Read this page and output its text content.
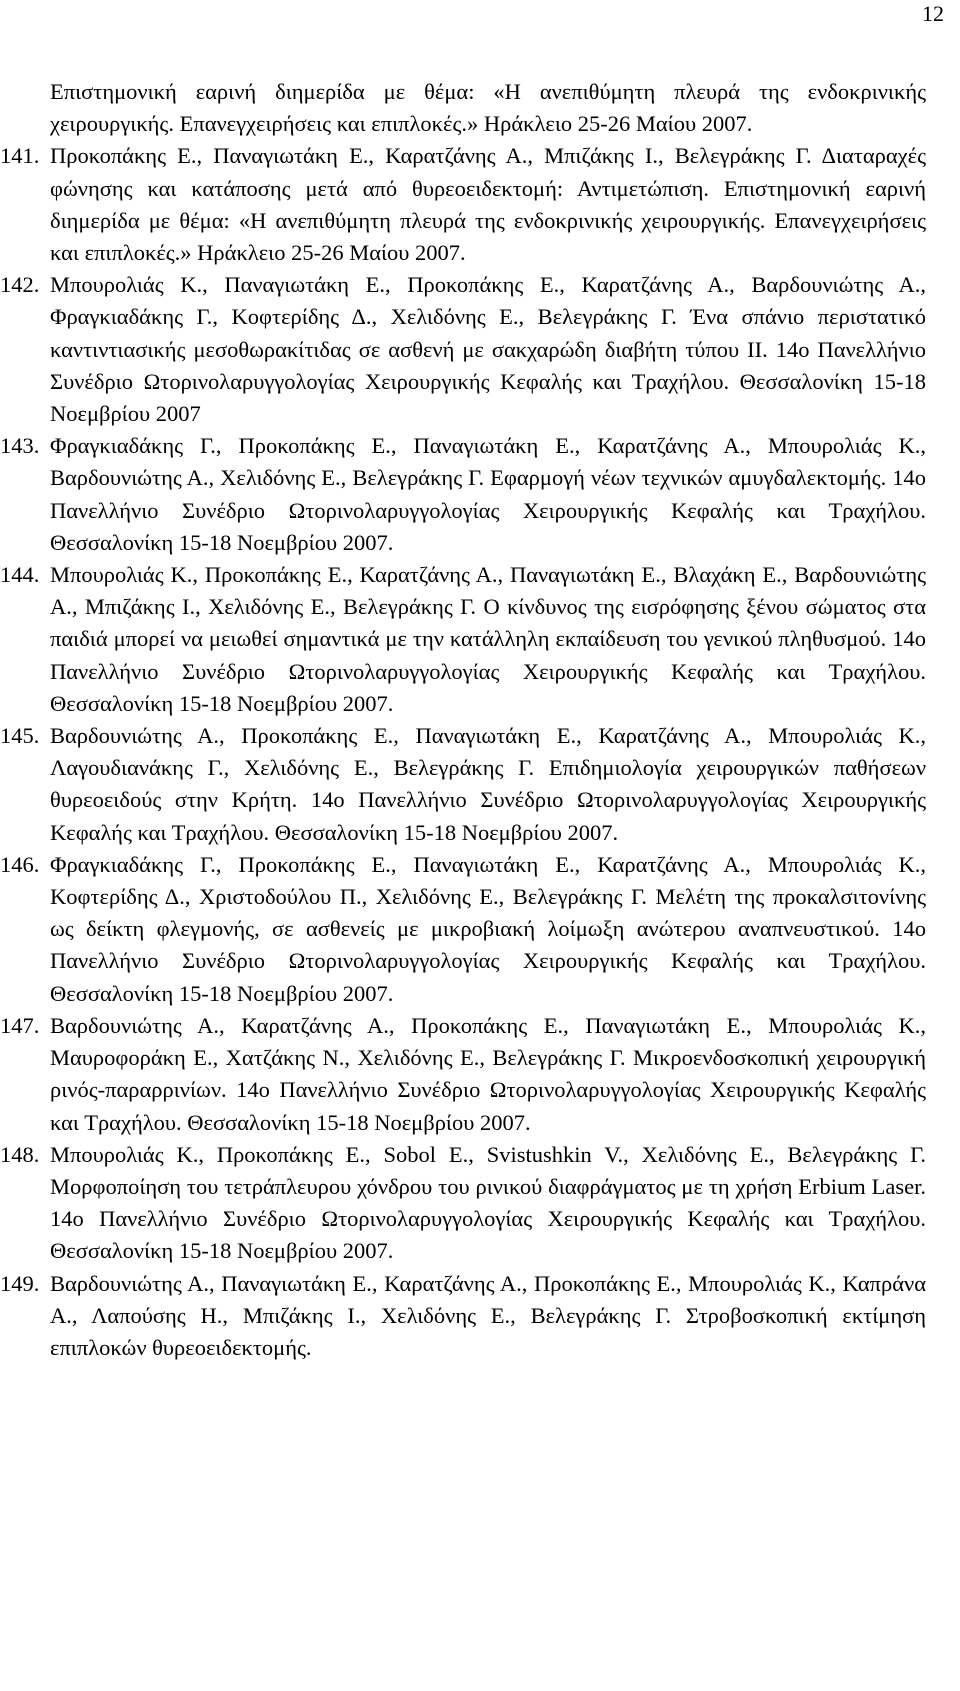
12

Επιστημονική εαρινή διημερίδα με θέμα: «Η ανεπιθύμητη πλευρά της ενδοκρινικής χειρουργικής. Επανεγχειρήσεις και επιπλοκές.» Ηράκλειο 25-26 Μαίου 2007.

141. Προκοπάκης Ε., Παναγιωτάκη Ε., Καρατζάνης Α., Μπιζάκης Ι., Βελεγράκης Γ. Διαταραχές φώνησης και κατάποσης μετά από θυρεοειδεκτομή: Αντιμετώπιση. Επιστημονική εαρινή διημερίδα με θέμα: «Η ανεπιθύμητη πλευρά της ενδοκρινικής χειρουργικής. Επανεγχειρήσεις και επιπλοκές.» Ηράκλειο 25-26 Μαίου 2007.
142. Μπουρολιάς Κ., Παναγιωτάκη Ε., Προκοπάκης Ε., Καρατζάνης Α., Βαρδουνιώτης Α., Φραγκιαδάκης Γ., Κοφτερίδης Δ., Χελιδόνης Ε., Βελεγράκης Γ. Ένα σπάνιο περιστατικό καντιντιασικής μεσοθωρακίτιδας σε ασθενή με σακχαρώδη διαβήτη τύπου ΙΙ. 14ο Πανελλήνιο Συνέδριο Ωτορινολαρυγγολογίας Χειρουργικής Κεφαλής και Τραχήλου. Θεσσαλονίκη 15-18 Νοεμβρίου 2007
143. Φραγκιαδάκης Γ., Προκοπάκης Ε., Παναγιωτάκη Ε., Καρατζάνης Α., Μπουρολιάς Κ., Βαρδουνιώτης Α., Χελιδόνης Ε., Βελεγράκης Γ. Εφαρμογή νέων τεχνικών αμυγδαλεκτομής. 14ο Πανελλήνιο Συνέδριο Ωτορινολαρυγγολογίας Χειρουργικής Κεφαλής και Τραχήλου. Θεσσαλονίκη 15-18 Νοεμβρίου 2007.
144. Μπουρολιάς Κ., Προκοπάκης Ε., Καρατζάνης Α., Παναγιωτάκη Ε., Βλαχάκη Ε., Βαρδουνιώτης Α., Μπιζάκης Ι., Χελιδόνης Ε., Βελεγράκης Γ. Ο κίνδυνος της εισρόφησης ξένου σώματος στα παιδιά μπορεί να μειωθεί σημαντικά με την κατάλληλη εκπαίδευση του γενικού πληθυσμού. 14ο Πανελλήνιο Συνέδριο Ωτορινολαρυγγολογίας Χειρουργικής Κεφαλής και Τραχήλου. Θεσσαλονίκη 15-18 Νοεμβρίου 2007.
145. Βαρδουνιώτης Α., Προκοπάκης Ε., Παναγιωτάκη Ε., Καρατζάνης Α., Μπουρολιάς Κ., Λαγουδιανάκης Γ., Χελιδόνης Ε., Βελεγράκης Γ. Επιδημιολογία χειρουργικών παθήσεων θυρεοειδούς στην Κρήτη. 14ο Πανελλήνιο Συνέδριο Ωτορινολαρυγγολογίας Χειρουργικής Κεφαλής και Τραχήλου. Θεσσαλονίκη 15-18 Νοεμβρίου 2007.
146. Φραγκιαδάκης Γ., Προκοπάκης Ε., Παναγιωτάκη Ε., Καρατζάνης Α., Μπουρολιάς Κ., Κοφτερίδης Δ., Χριστοδούλου Π., Χελιδόνης Ε., Βελεγράκης Γ. Μελέτη της προκαλσιτονίνης ως δείκτη φλεγμονής, σε ασθενείς με μικροβιακή λοίμωξη ανώτερου αναπνευστικού. 14ο Πανελλήνιο Συνέδριο Ωτορινολαρυγγολογίας Χειρουργικής Κεφαλής και Τραχήλου. Θεσσαλονίκη 15-18 Νοεμβρίου 2007.
147. Βαρδουνιώτης Α., Καρατζάνης Α., Προκοπάκης Ε., Παναγιωτάκη Ε., Μπουρολιάς Κ., Μαυροφοράκη Ε., Χατζάκης Ν., Χελιδόνης Ε., Βελεγράκης Γ. Μικροενδοσκοπική χειρουργική ρινός-παραρρινίων. 14ο Πανελλήνιο Συνέδριο Ωτορινολαρυγγολογίας Χειρουργικής Κεφαλής και Τραχήλου. Θεσσαλονίκη 15-18 Νοεμβρίου 2007.
148. Μπουρολιάς Κ., Προκοπάκης Ε., Sobol E., Svistushkin V., Χελιδόνης Ε., Βελεγράκης Γ. Μορφοποίηση του τετράπλευρου χόνδρου του ρινικού διαφράγματος με τη χρήση Erbium Laser. 14ο Πανελλήνιο Συνέδριο Ωτορινολαρυγγολογίας Χειρουργικής Κεφαλής και Τραχήλου. Θεσσαλονίκη 15-18 Νοεμβρίου 2007.
149. Βαρδουνιώτης Α., Παναγιωτάκη Ε., Καρατζάνης Α., Προκοπάκης Ε., Μπουρολιάς Κ., Καπράνα Α., Λαπούσης Η., Μπιζάκης Ι., Χελιδόνης Ε., Βελεγράκης Γ. Στροβοσκοπική εκτίμηση επιπλοκών θυρεοειδεκτομής.
